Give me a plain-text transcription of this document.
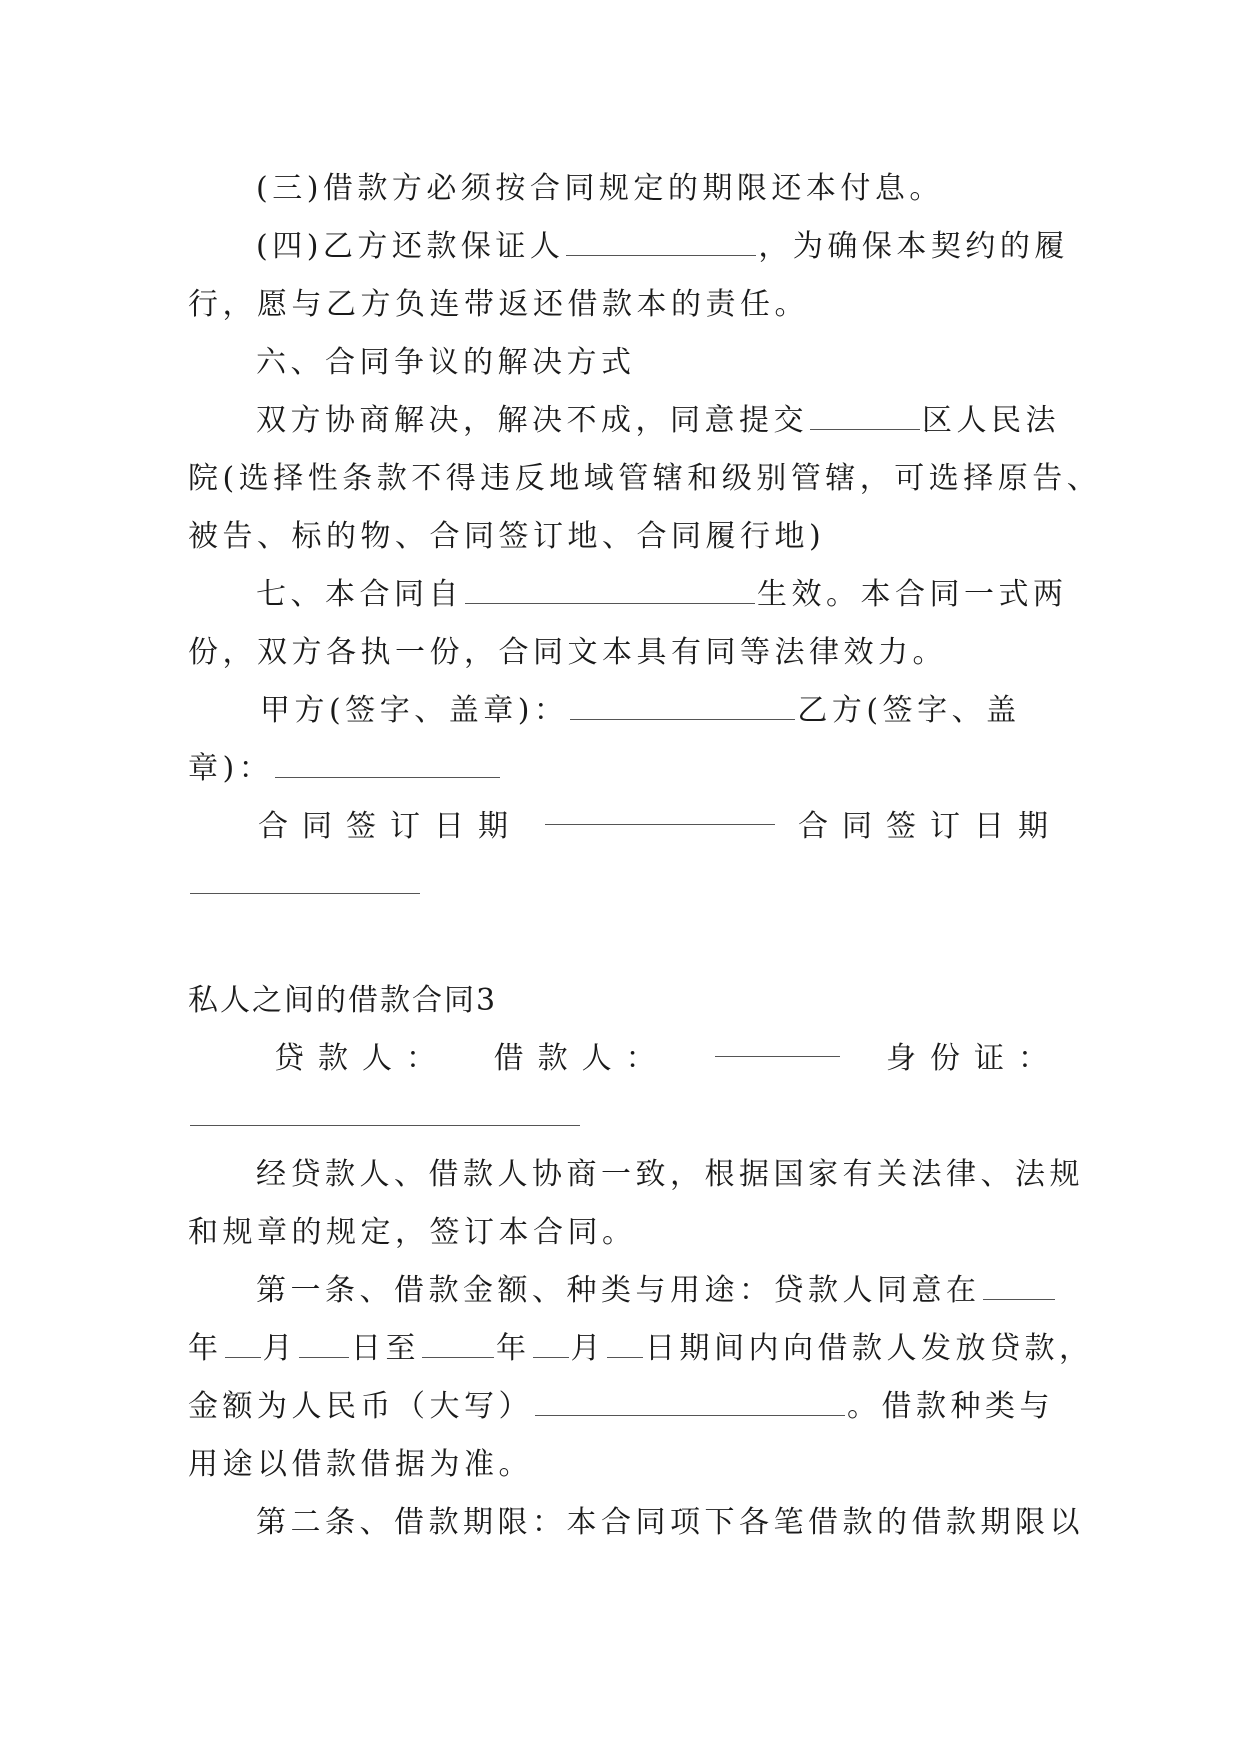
(三)借款方必须按合同规定的期限还本付息。
(四)乙方还款保证人	，为确保本契约的履
行，愿与乙方负连带返还借款本的责任。
六、合同争议的解决方式
双方协商解决，解决不成，同意提交	区人民法
院(选择性条款不得违反地域管辖和级别管辖，可选择原告、
被告、标的物、合同签订地、合同履行地)
七、本合同自	生效。本合同一式两
份，双方各执一份，合同文本具有同等法律效力。
甲方(签字、盖章)：	乙方(签字、盖
章)：
合同签订日期	合同签订日期
私人之间的借款合同3
贷款人： 借款人：	身份证：
经贷款人、借款人协商一致，根据国家有关法律、法规
和规章的规定，签订本合同。
第一条、借款金额、种类与用途：贷款人同意在
年 月 日至	年 月 日期间内向借款人发放贷款，
金额为人民币（大写）	。借款种类与
用途以借款借据为准。
第二条、借款期限：本合同项下各笔借款的借款期限以
